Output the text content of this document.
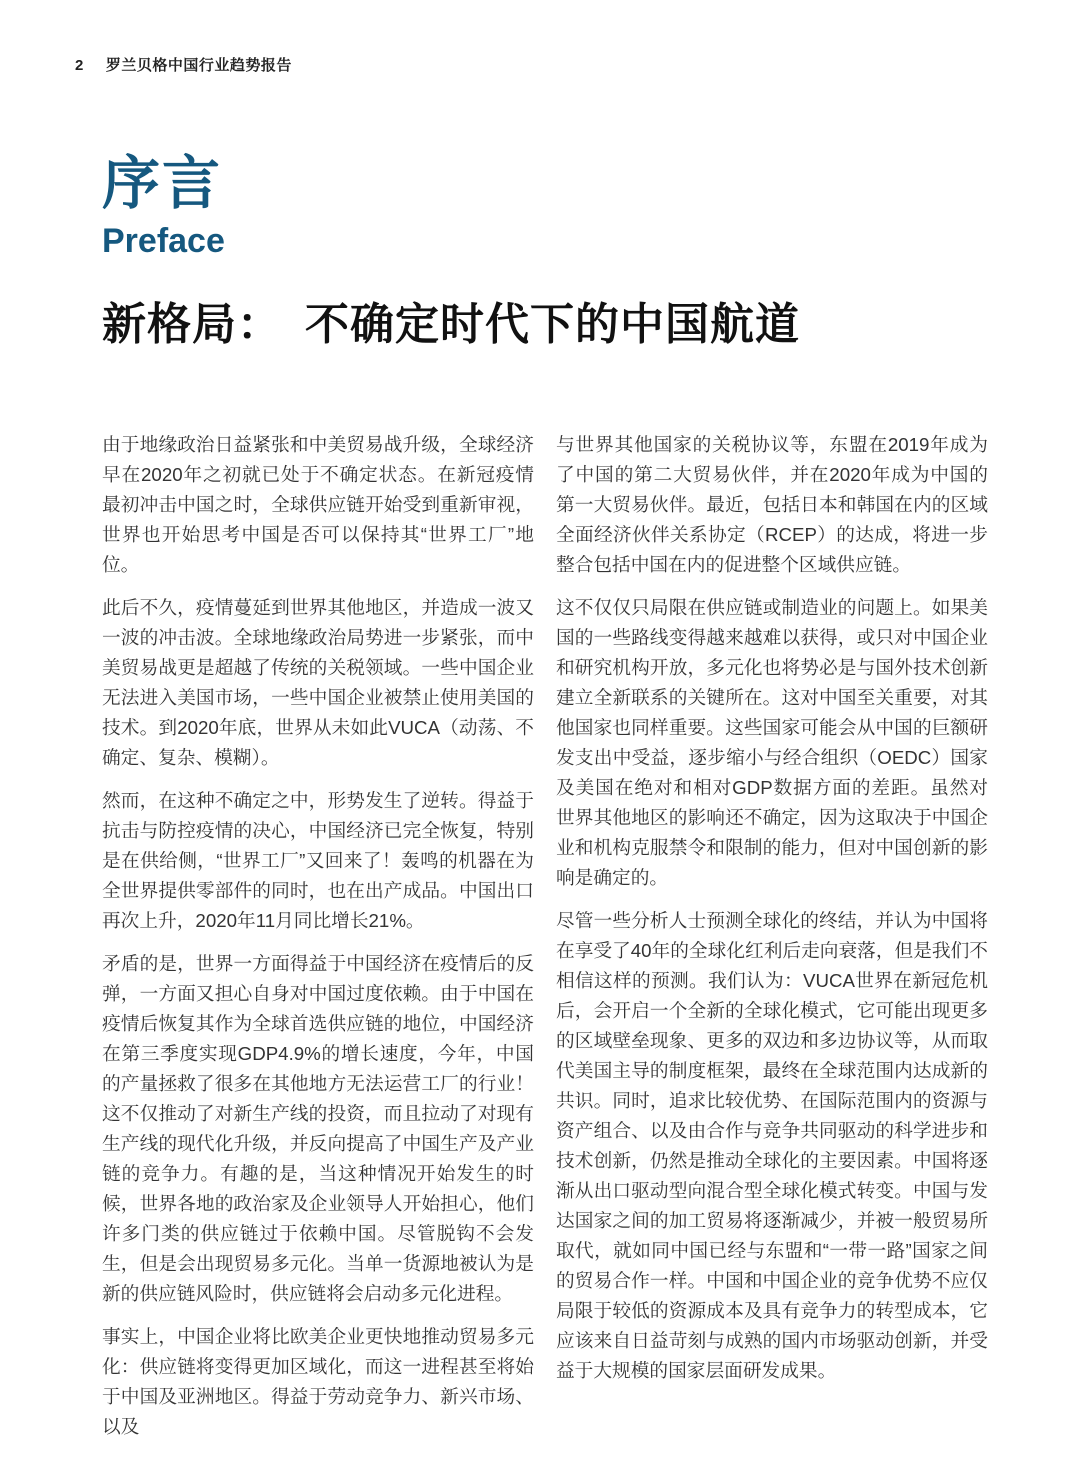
2 罗兰贝格中国行业趋势报告
序言
Preface
新格局：　不确定时代下的中国航道

由于地缘政治日益紧张和中美贸易战升级，全球经济早在2020年之初就已处于不确定状态。在新冠疫情最初冲击中国之时，全球供应链开始受到重新审视，世界也开始思考中国是否可以保持其“世界工厂”地位。

此后不久，疫情蔓延到世界其他地区，并造成一波又一波的冲击波。全球地缘政治局势进一步紧张，而中美贸易战更是超越了传统的关税领域。一些中国企业无法进入美国市场，一些中国企业被禁止使用美国的技术。到2020年底，世界从未如此VUCA（动荡、不确定、复杂、模糊）。

然而，在这种不确定之中，形势发生了逆转。得益于抗击与防控疫情的决心，中国经济已完全恢复，特别是在供给侧，“世界工厂”又回来了！轰鸣的机器在为全世界提供零部件的同时，也在出产成品。中国出口再次上升，2020年11月同比增长21%。

矛盾的是，世界一方面得益于中国经济在疫情后的反弹，一方面又担心自身对中国过度依赖。由于中国在疫情后恢复其作为全球首选供应链的地位，中国经济在第三季度实现GDP4.9%的增长速度，今年，中国的产量拯救了很多在其他地方无法运营工厂的行业！这不仅推动了对新生产线的投资，而且拉动了对现有生产线的现代化升级，并反向提高了中国生产及产业链的竞争力。有趣的是，当这种情况开始发生的时候，世界各地的政治家及企业领导人开始担心，他们许多门类的供应链过于依赖中国。尽管脱钩不会发生，但是会出现贸易多元化。当单一货源地被认为是新的供应链风险时，供应链将会启动多元化进程。

事实上，中国企业将比欧美企业更快地推动贸易多元化：供应链将变得更加区域化，而这一进程甚至将始于中国及亚洲地区。得益于劳动竞争力、新兴市场、以及

与世界其他国家的关税协议等，东盟在2019年成为了中国的第二大贸易伙伴，并在2020年成为中国的第一大贸易伙伴。最近，包括日本和韩国在内的区域全面经济伙伴关系协定（RCEP）的达成，将进一步整合包括中国在内的促进整个区域供应链。

这不仅仅只局限在供应链或制造业的问题上。如果美国的一些路线变得越来越难以获得，或只对中国企业和研究机构开放，多元化也将势必是与国外技术创新建立全新联系的关键所在。这对中国至关重要，对其他国家也同样重要。这些国家可能会从中国的巨额研发支出中受益，逐步缩小与经合组织（OEDC）国家及美国在绝对和相对GDP数据方面的差距。虽然对世界其他地区的影响还不确定，因为这取决于中国企业和机构克服禁令和限制的能力，但对中国创新的影响是确定的。

尽管一些分析人士预测全球化的终结，并认为中国将在享受了40年的全球化红利后走向衰落，但是我们不相信这样的预测。我们认为：VUCA世界在新冠危机后，会开启一个全新的全球化模式，它可能出现更多的区域壁垒现象、更多的双边和多边协议等，从而取代美国主导的制度框架，最终在全球范围内达成新的共识。同时，追求比较优势、在国际范围内的资源与资产组合、以及由合作与竞争共同驱动的科学进步和技术创新，仍然是推动全球化的主要因素。中国将逐渐从出口驱动型向混合型全球化模式转变。中国与发达国家之间的加工贸易将逐渐减少，并被一般贸易所取代，就如同中国已经与东盟和“一带一路”国家之间的贸易合作一样。中国和中国企业的竞争优势不应仅局限于较低的资源成本及具有竞争力的转型成本，它应该来自日益苛刻与成熟的国内市场驱动创新，并受益于大规模的国家层面研发成果。
